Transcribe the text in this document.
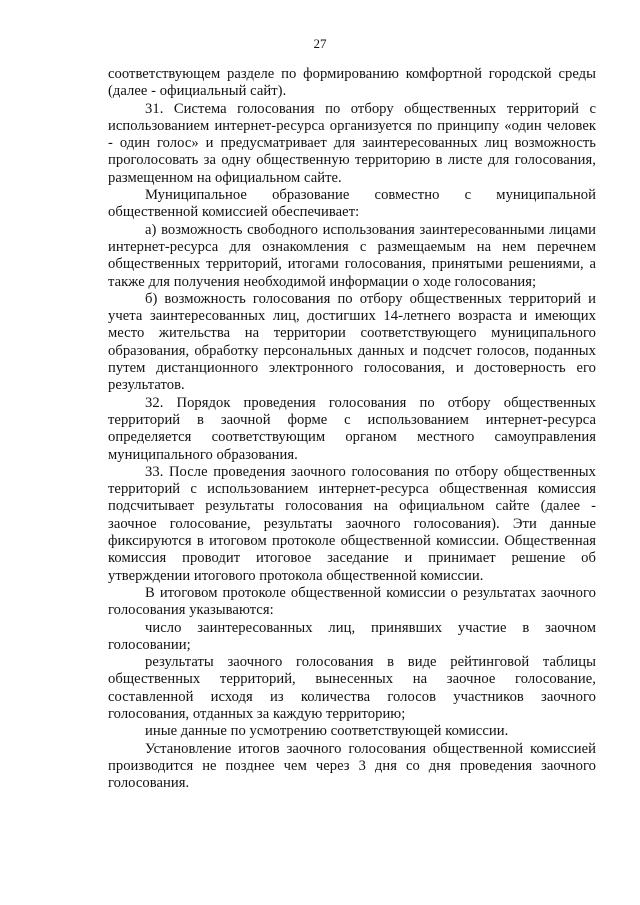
27

соответствующем разделе по формированию комфортной городской среды (далее - официальный сайт).

31. Система голосования по отбору общественных территорий с использованием интернет-ресурса организуется по принципу «один человек - один голос» и предусматривает для заинтересованных лиц возможность проголосовать за одну общественную территорию в листе для голосования, размещенном на официальном сайте.

Муниципальное образование совместно с муниципальной общественной комиссией обеспечивает:

а) возможность свободного использования заинтересованными лицами интернет-ресурса для ознакомления с размещаемым на нем перечнем общественных территорий, итогами голосования, принятыми решениями, а также для получения необходимой информации о ходе голосования;

б) возможность голосования по отбору общественных территорий и учета заинтересованных лиц, достигших 14-летнего возраста и имеющих место жительства на территории соответствующего муниципального образования, обработку персональных данных и подсчет голосов, поданных путем дистанционного электронного голосования, и достоверность его результатов.

32. Порядок проведения голосования по отбору общественных территорий в заочной форме с использованием интернет-ресурса определяется соответствующим органом местного самоуправления муниципального образования.

33. После проведения заочного голосования по отбору общественных территорий с использованием интернет-ресурса общественная комиссия подсчитывает результаты голосования на официальном сайте (далее - заочное голосование, результаты заочного голосования). Эти данные фиксируются в итоговом протоколе общественной комиссии. Общественная комиссия проводит итоговое заседание и принимает решение об утверждении итогового протокола общественной комиссии.

В итоговом протоколе общественной комиссии о результатах заочного голосования указываются:

число заинтересованных лиц, принявших участие в заочном голосовании;

результаты заочного голосования в виде рейтинговой таблицы общественных территорий, вынесенных на заочное голосование, составленной исходя из количества голосов участников заочного голосования, отданных за каждую территорию;

иные данные по усмотрению соответствующей комиссии.

Установление итогов заочного голосования общественной комиссией производится не позднее чем через 3 дня со дня проведения заочного голосования.
